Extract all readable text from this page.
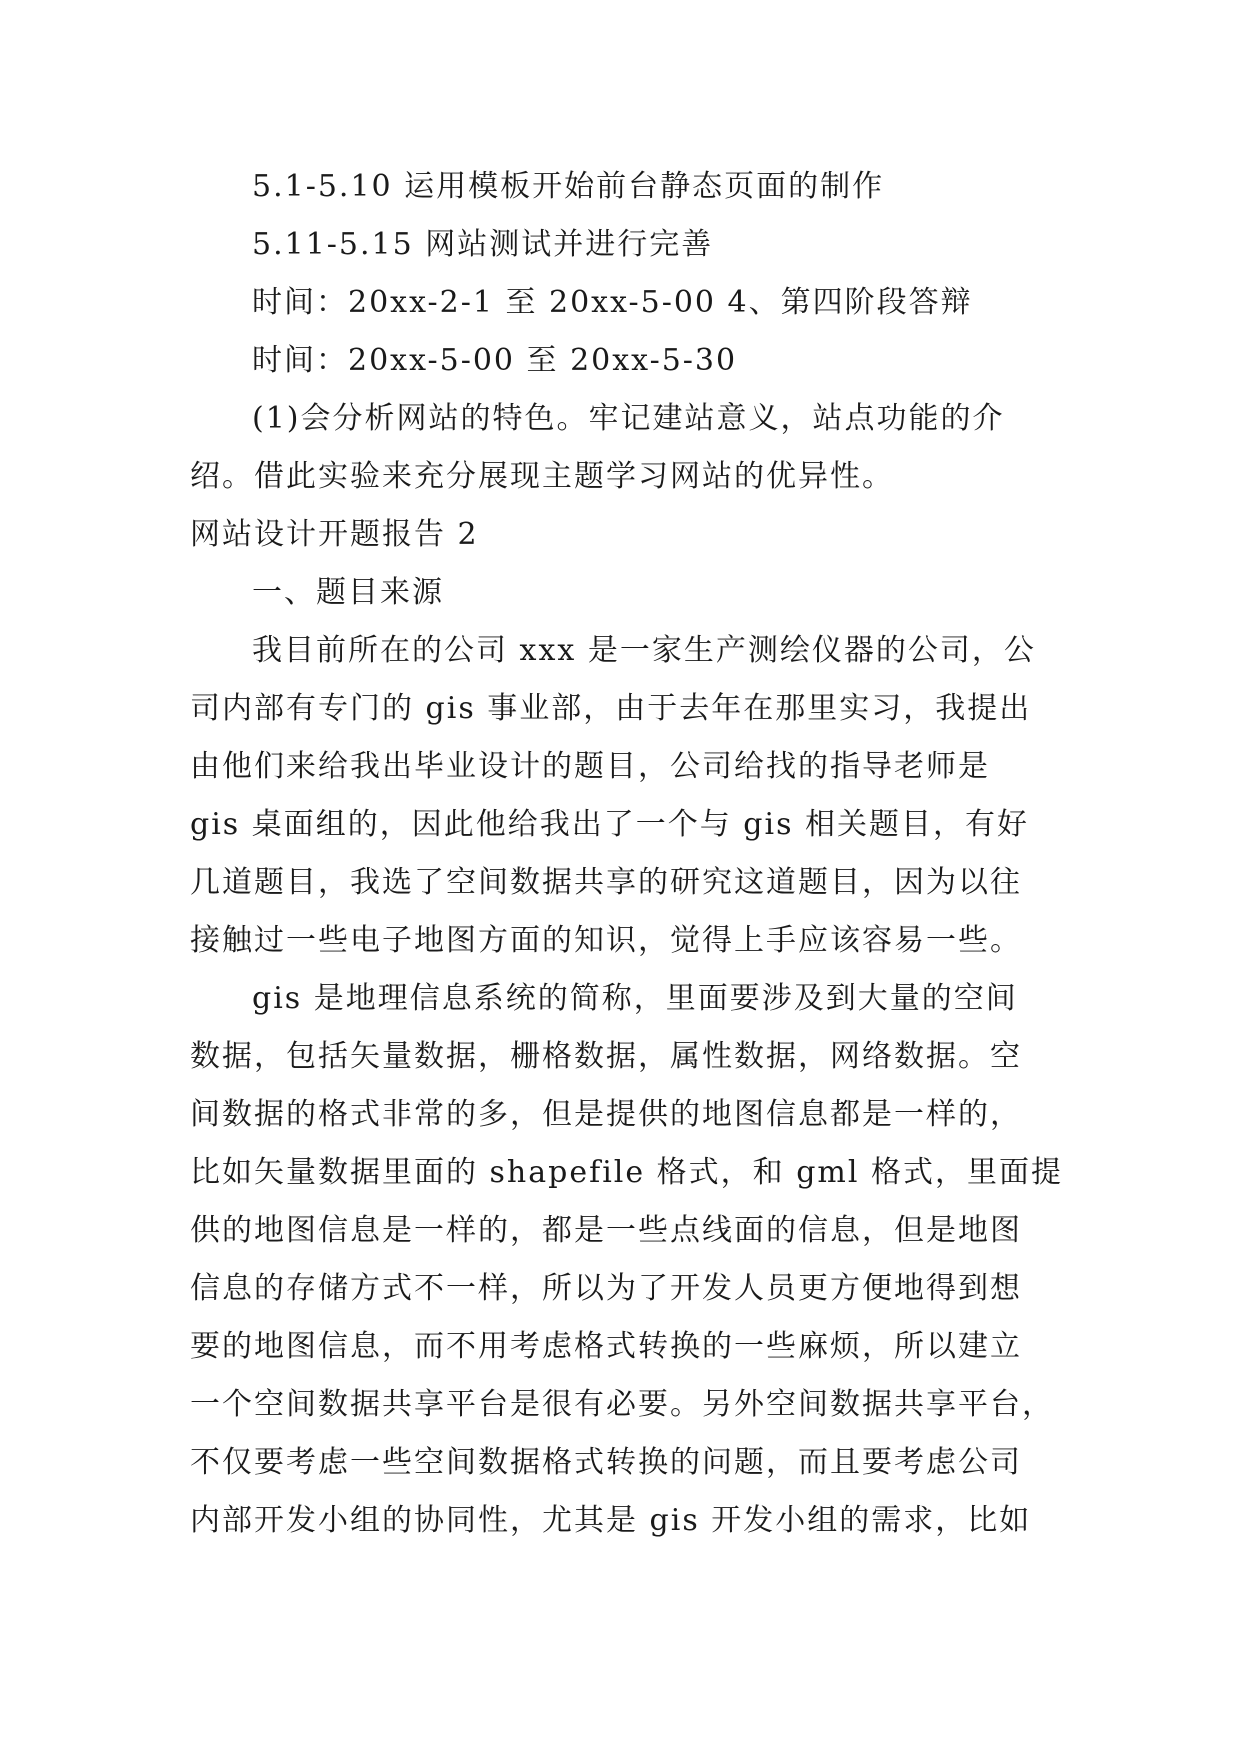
5.1-5.10 运用模板开始前台静态页面的制作

5.11-5.15 网站测试并进行完善

时间：20xx-2-1 至 20xx-5-00 4、第四阶段答辩

时间：20xx-5-00 至 20xx-5-30

(1)会分析网站的特色。牢记建站意义，站点功能的介
绍。借此实验来充分展现主题学习网站的优异性。

网站设计开题报告 2

一、题目来源

我目前所在的公司 xxx 是一家生产测绘仪器的公司，公
司内部有专门的 gis 事业部，由于去年在那里实习，我提出
由他们来给我出毕业设计的题目，公司给找的指导老师是
gis 桌面组的，因此他给我出了一个与 gis 相关题目，有好
几道题目，我选了空间数据共享的研究这道题目，因为以往
接触过一些电子地图方面的知识，觉得上手应该容易一些。
gis 是地理信息系统的简称，里面要涉及到大量的空间
数据，包括矢量数据，栅格数据，属性数据，网络数据。空
间数据的格式非常的多，但是提供的地图信息都是一样的，
比如矢量数据里面的 shapefile 格式，和 gml 格式，里面提
供的地图信息是一样的，都是一些点线面的信息，但是地图
信息的存储方式不一样，所以为了开发人员更方便地得到想
要的地图信息，而不用考虑格式转换的一些麻烦，所以建立
一个空间数据共享平台是很有必要。另外空间数据共享平台，
不仅要考虑一些空间数据格式转换的问题，而且要考虑公司
内部开发小组的协同性，尤其是 gis 开发小组的需求，比如
